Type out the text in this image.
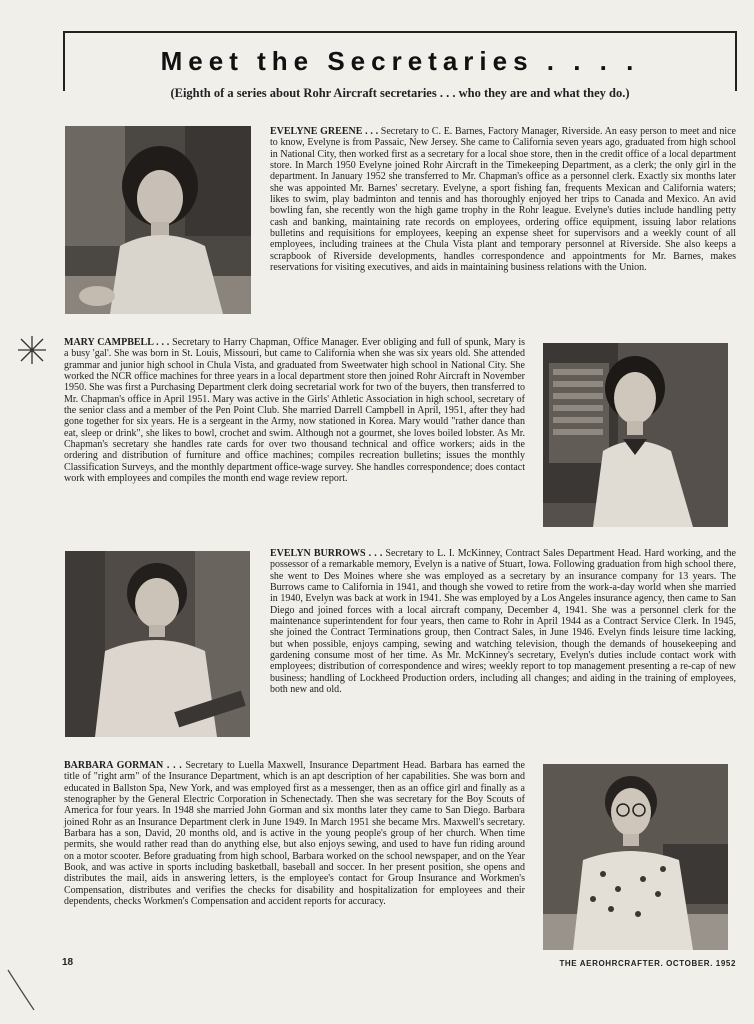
Meet the Secretaries . . . .
(Eighth of a series about Rohr Aircraft secretaries . . . who they are and what they do.)

EVELYNE GREENE . . . Secretary to C. E. Barnes, Factory Manager, Riverside. An easy person to meet and nice to know, Evelyne is from Passaic, New Jersey. She came to California seven years ago, graduated from high school in National City, then worked first as a secretary for a local shoe store, then in the credit office of a local department store. In March 1950 Evelyne joined Rohr Aircraft in the Timekeeping Department, as a clerk; the only girl in the department. In January 1952 she transferred to Mr. Chapman's office as a personnel clerk. Exactly six months later she was appointed Mr. Barnes' secretary. Evelyne, a sport fishing fan, frequents Mexican and California waters; likes to swim, play badminton and tennis and has thoroughly enjoyed her trips to Canada and Mexico. An avid bowling fan, she recently won the high game trophy in the Rohr league. Evelyne's duties include handling petty cash and banking, maintaining rate records on employees, ordering office equipment, issuing labor relations bulletins and requisitions for employees, keeping an expense sheet for supervisors and a weekly count of all employees, including trainees at the Chula Vista plant and temporary personnel at Riverside. She also keeps a scrapbook of Riverside developments, handles correspondence and appointments for Mr. Barnes, makes reservations for visiting executives, and aids in maintaining business relations with the Union.

MARY CAMPBELL . . . Secretary to Harry Chapman, Office Manager. Ever obliging and full of spunk, Mary is a busy 'gal'. She was born in St. Louis, Missouri, but came to California when she was six years old. She attended grammar and junior high school in Chula Vista, and graduated from Sweetwater high school in National City. She worked the NCR office machines for three years in a local department store then joined Rohr Aircraft in November 1950. She was first a Purchasing Department clerk doing secretarial work for two of the buyers, then transferred to Mr. Chapman's office in April 1951. Mary was active in the Girls' Athletic Association in high school, secretary of the senior class and a member of the Pen Point Club. She married Darrell Campbell in April, 1951, after they had gone together for six years. He is a sergeant in the Army, now stationed in Korea. Mary would "rather dance than eat, sleep or drink", she likes to bowl, crochet and swim. Although not a gourmet, she loves boiled lobster. As Mr. Chapman's secretary she handles rate cards for over two thousand technical and office workers; aids in the ordering and distribution of furniture and office machines; compiles recreation bulletins; issues the monthly Classification Surveys, and the monthly department office-wage survey. She handles correspondence; does contact work with employees and compiles the month end wage review report.

EVELYN BURROWS . . . Secretary to L. I. McKinney, Contract Sales Department Head. Hard working, and the possessor of a remarkable memory, Evelyn is a native of Stuart, Iowa. Following graduation from high school there, she went to Des Moines where she was employed as a secretary by an insurance company for 13 years. The Burrows came to California in 1941, and though she vowed to retire from the work-a-day world when she married in 1940, Evelyn was back at work in 1941. She was employed by a Los Angeles insurance agency, then came to San Diego and joined forces with a local aircraft company, December 4, 1941. She was a personnel clerk for the maintenance superintendent for four years, then came to Rohr in April 1944 as a Contract Service Clerk. In 1945, she joined the Contract Terminations group, then Contract Sales, in June 1946. Evelyn finds leisure time lacking, but when possible, enjoys camping, sewing and watching television, though the demands of housekeeping and gardening consume most of her time. As Mr. McKinney's secretary, Evelyn's duties include contact work with employees; distribution of correspondence and wires; weekly report to top management presenting a re-cap of new business; handling of Lockheed Production orders, including all changes; and aiding in the training of employees, both new and old.

BARBARA GORMAN . . . Secretary to Luella Maxwell, Insurance Department Head. Barbara has earned the title of "right arm" of the Insurance Department, which is an apt description of her capabilities. She was born and educated in Ballston Spa, New York, and was employed first as a messenger, then as an office girl and finally as a stenographer by the General Electric Corporation in Schenectady. Then she was secretary for the Boy Scouts of America for four years. In 1948 she married John Gorman and six months later they came to San Diego. Barbara joined Rohr as an Insurance Department clerk in June 1949. In March 1951 she became Mrs. Maxwell's secretary. Barbara has a son, David, 20 months old, and is active in the young people's group of her church. When time permits, she would rather read than do anything else, but also enjoys sewing, and used to have fun riding around on a motor scooter. Before graduating from high school, Barbara worked on the school newspaper, and on the Year Book, and was active in sports including basketball, baseball and soccer. In her present position, she opens and distributes the mail, aids in answering letters, is the employee's contact for Group Insurance and Workmen's Compensation, distributes and verifies the checks for disability and hospitalization for employees and their dependents, checks Workmen's Compensation and accident reports for accuracy.

18	THE AEROHRCRAFTER. OCTOBER. 1952
